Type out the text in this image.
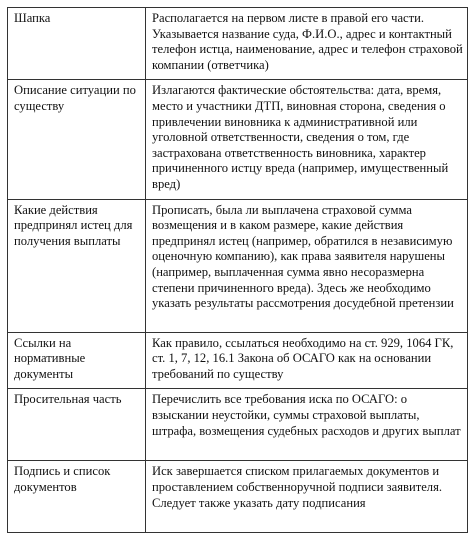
Шапка	Располагается на первом листе в правой его части. Указывается название суда, Ф.И.О., адрес и контактный телефон истца, наименование, адрес и телефон страховой компании (ответчика)
Описание ситуации по существу	Излагаются фактические обстоятельства: дата, время, место и участники ДТП, виновная сторона, сведения о привлечении виновника к административной или уголовной ответственности, сведения о том, где застрахована ответственность виновника, характер причиненного истцу вреда (например, имущественный вред)
Какие действия предпринял истец для получения выплаты	Прописать, была ли выплачена страховой сумма возмещения и в каком размере, какие действия предпринял истец (например, обратился в независимую оценочную компанию), как права заявителя нарушены (например, выплаченная сумма явно несоразмерна степени причиненного вреда). Здесь же необходимо указать результаты рассмотрения досудебной претензии
Ссылки на нормативные документы	Как правило, ссылаться необходимо на ст. 929, 1064 ГК, ст. 1, 7, 12, 16.1 Закона об ОСАГО как на основании требований по существу
Просительная часть	Перечислить все требования иска по ОСАГО: о взыскании неустойки, суммы страховой выплаты, штрафа, возмещения судебных расходов и других выплат
Подпись и список документов	Иск завершается списком прилагаемых документов и проставлением собственноручной подписи заявителя. Следует также указать дату подписания
